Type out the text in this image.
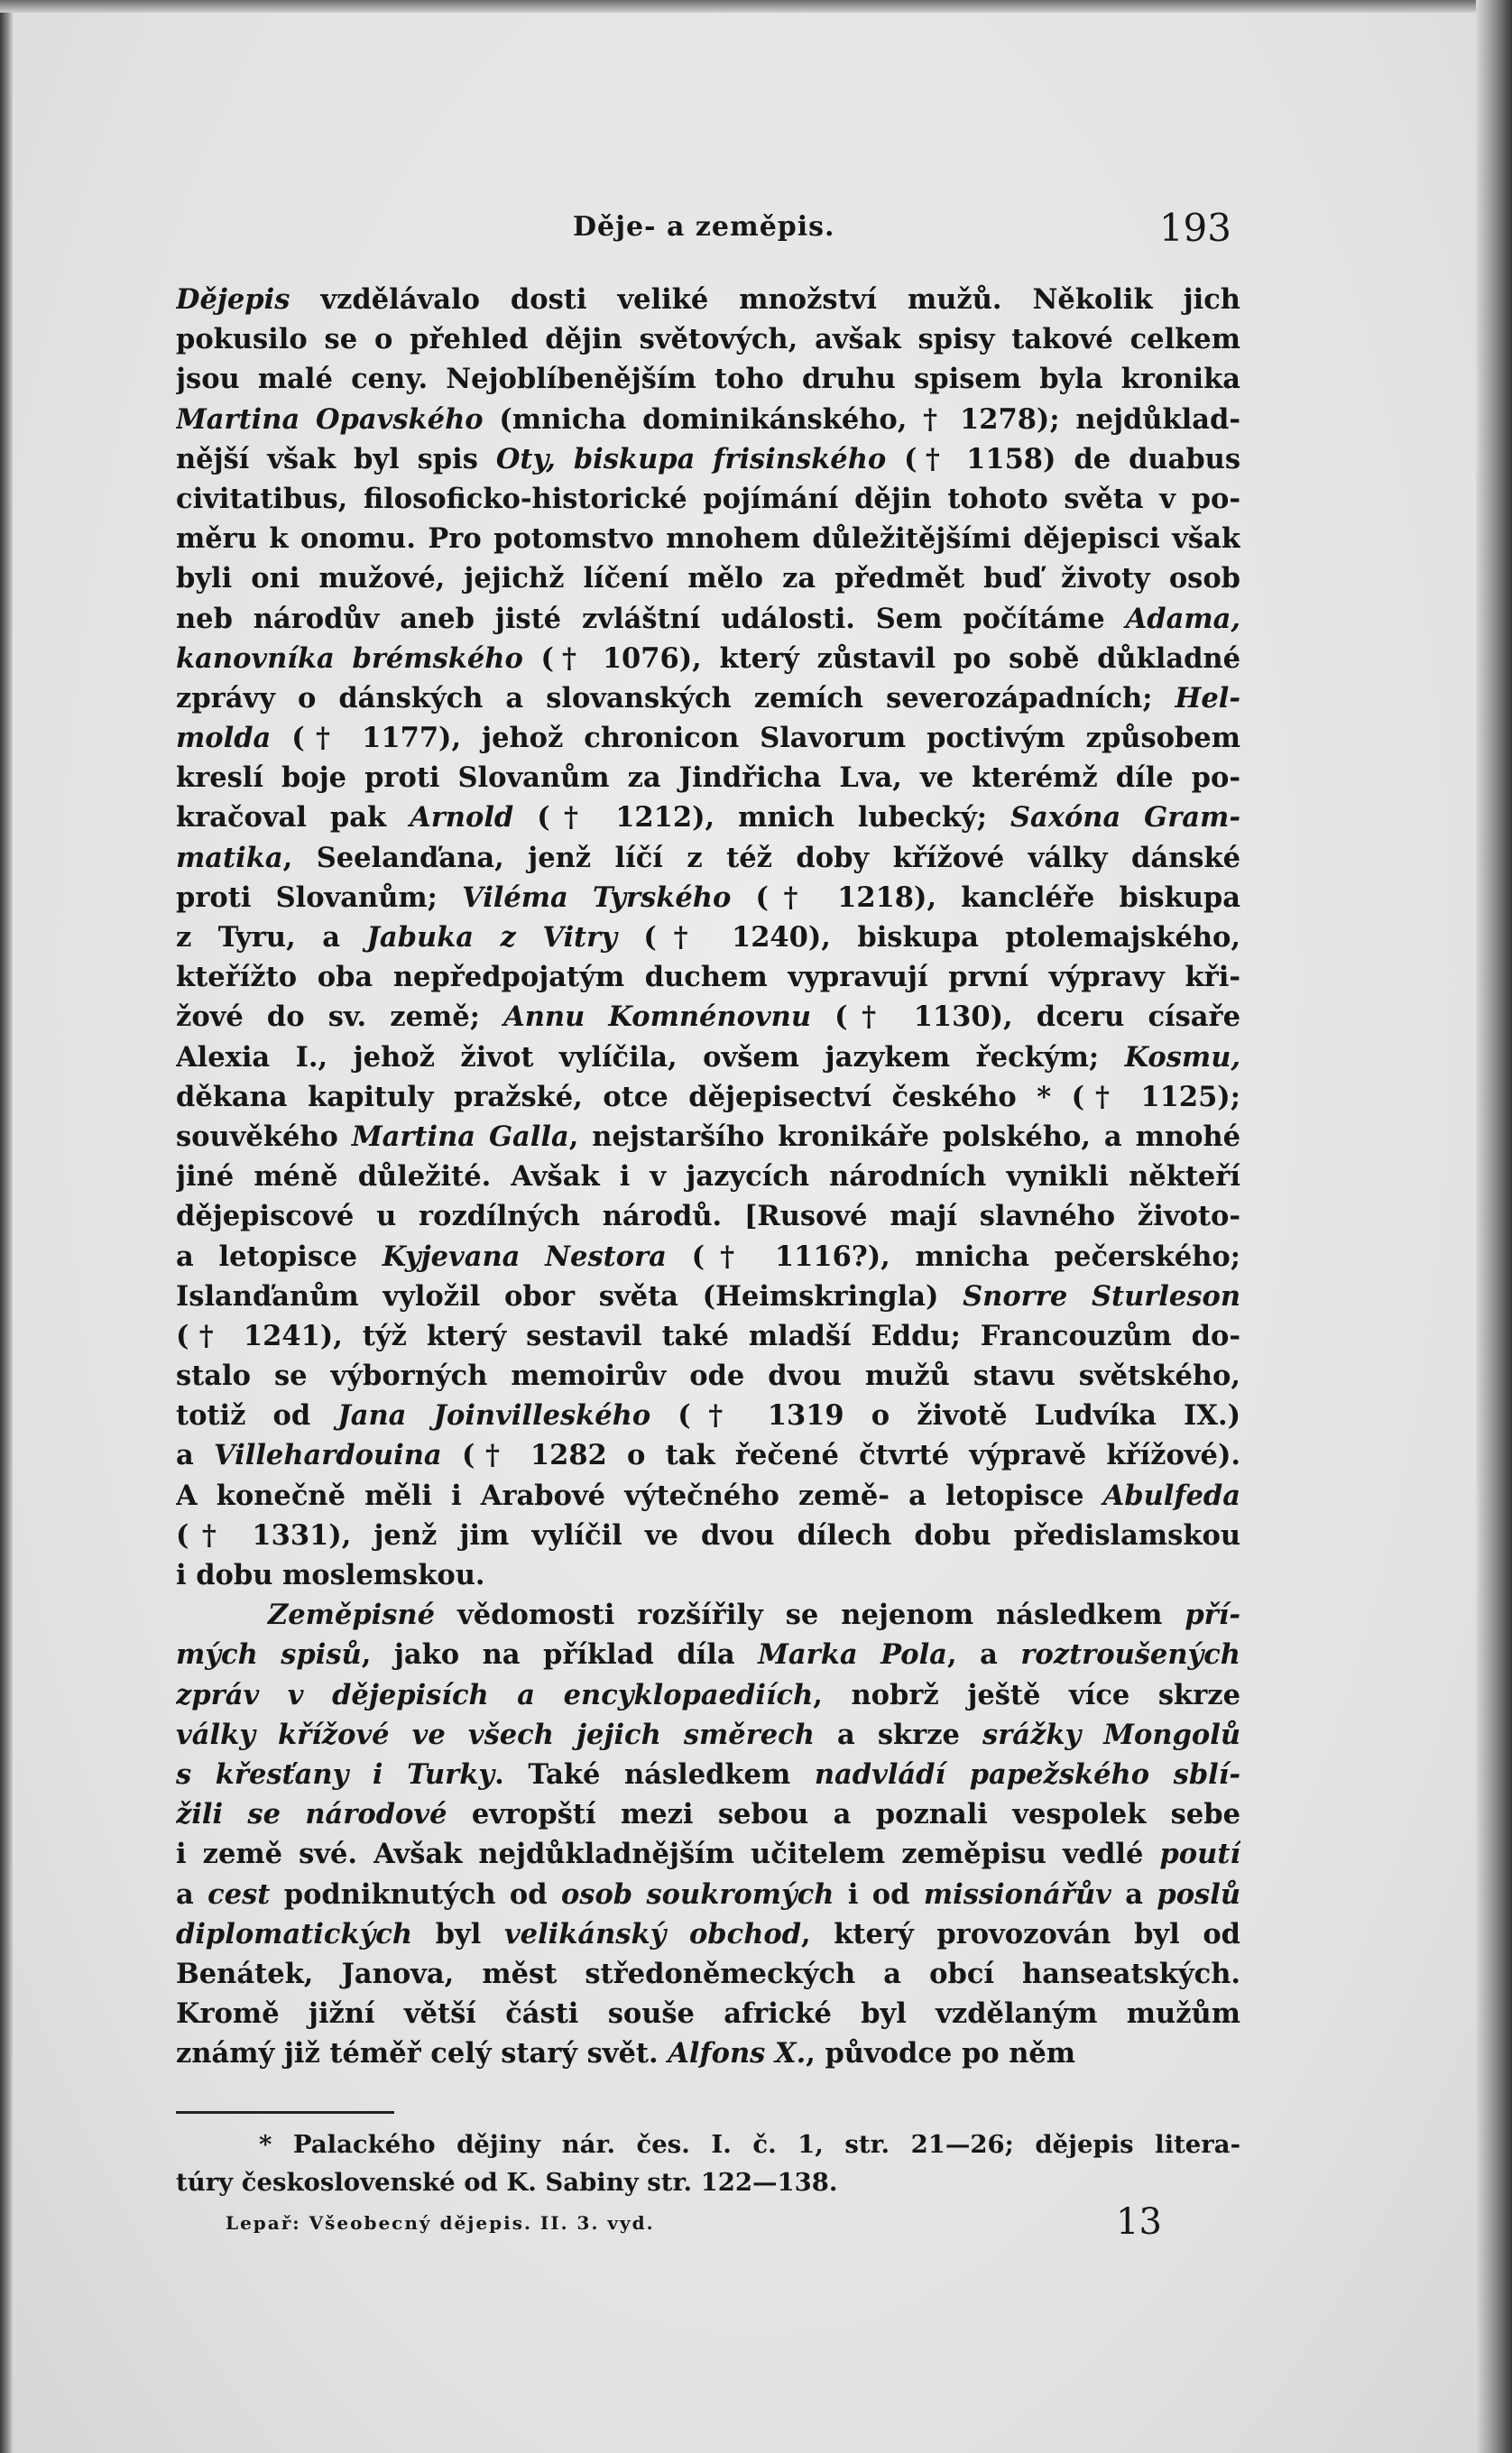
Děje- a zeměpis.	193
Dějepis vzdělávalo dosti veliké množství mužů. Několik jich
pokusilo se o přehled dějin světových, avšak spisy takové celkem
jsou malé ceny. Nejoblíbenějším toho druhu spisem byla kronika
Martina Opavského (mnicha dominikánského, † 1278); nejdůklad-
nější však byl spis Oty, biskupa frisinského († 1158) de duabus
civitatibus, filosoficko-historické pojímání dějin tohoto světa v po-
měru k onomu. Pro potomstvo mnohem důležitějšími dějepisci však
byli oni mužové, jejichž líčení mělo za předmět buď životy osob
neb národův aneb jisté zvláštní události. Sem počítáme Adama,
kanovníka brémského († 1076), který zůstavil po sobě důkladné
zprávy o dánských a slovanských zemích severozápadních; Hel-
molda († 1177), jehož chronicon Slavorum poctivým způsobem
kreslí boje proti Slovanům za Jindřicha Lva, ve kterémž díle po-
kračoval pak Arnold († 1212), mnich lubecký; Saxóna Gram-
matika, Seelanďana, jenž líčí z též doby křížové války dánské
proti Slovanům; Viléma Tyrského († 1218), kancléře biskupa
z Tyru, a Jabuka z Vitry († 1240), biskupa ptolemajského,
kteřížto oba nepředpojatým duchem vypravují první výpravy kři-
žové do sv. země; Annu Komnénovnu († 1130), dceru císaře
Alexia I., jehož život vylíčila, ovšem jazykem řeckým; Kosmu,
děkana kapituly pražské, otce dějepisectví českého * († 1125);
souvěkého Martina Galla, nejstaršího kronikáře polského, a mnohé
jiné méně důležité. Avšak i v jazycích národních vynikli někteří
dějepiscové u rozdílných národů. [Rusové mají slavného životo-
a letopisce Kyjevana Nestora († 1116?), mnicha pečerského;
Islanďanům vyložil obor světa (Heimskringla) Snorre Sturleson
(† 1241), týž který sestavil také mladší Eddu; Francouzům do-
stalo se výborných memoirův ode dvou mužů stavu světského,
totiž od Jana Joinvilleského († 1319 o životě Ludvíka IX.)
a Villehardouina († 1282 o tak řečené čtvrté výpravě křížové).
A konečně měli i Arabové výtečného země- a letopisce Abulfeda
(† 1331), jenž jim vylíčil ve dvou dílech dobu předislamskou
i dobu moslemskou.
Zeměpisné vědomosti rozšířily se nejenom následkem pří-
mých spisů, jako na příklad díla Marka Pola, a roztroušených
zpráv v dějepisích a encyklopaediích, nobrž ještě více skrze
války křížové ve všech jejich směrech a skrze srážky Mongolů
s křesťany i Turky. Také následkem nadvládí papežského sblí-
žili se národové evropští mezi sebou a poznali vespolek sebe
i země své. Avšak nejdůkladnějším učitelem zeměpisu vedlé poutí
a cest podniknutých od osob soukromých i od missionářův a poslů
diplomatických byl velikánský obchod, který provozován byl od
Benátek, Janova, měst středoněmeckých a obcí hanseatských.
Kromě jižní větší části souše africké byl vzdělaným mužům
známý již téměř celý starý svět. Alfons X., původce po něm
* Palackého dějiny nár. čes. I. č. 1, str. 21—26; dějepis litera-
túry československé od K. Sabiny str. 122—138.
Lepař: Všeobecný dějepis. II. 3. vyd.	13
